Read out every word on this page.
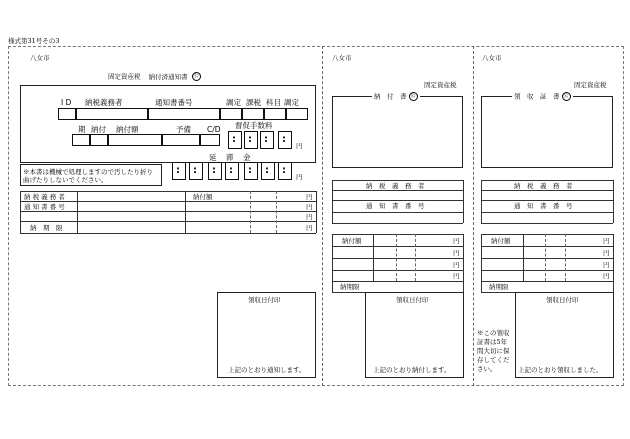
様式第31号その3
八女市
固定資産税 納付済通知書 公
I D 納税義務者	通知書番号	調定 課税 科目 調定
期 納付 納付額	予備 C/D 督促手数料
: : : :
円
延　滞　金
: : : : : : :
円
※本書は機械で処理しますので汚したり折り曲げたりしないでください。
納 税 義 務 者	納付額	円
通 知 書 番 号	円
円
納　期　限	円
領収日付印
上記のとおり通知します。
八女市
固定資産税
納　付　書 公
納　税　義　務　者
通　知　書　番　号
納付額	円
円
円
円
納期限
領収日付印
上記のとおり納付します。
八女市
固定資産税
領　収　証　書 公
納　税　義　務　者
通　知　書　番　号
納付額	円
円
円
円
納期限
※この領収
証書は5年
間大切に保
存してくだ
さい。
領収日付印
上記のとおり領収しました。
